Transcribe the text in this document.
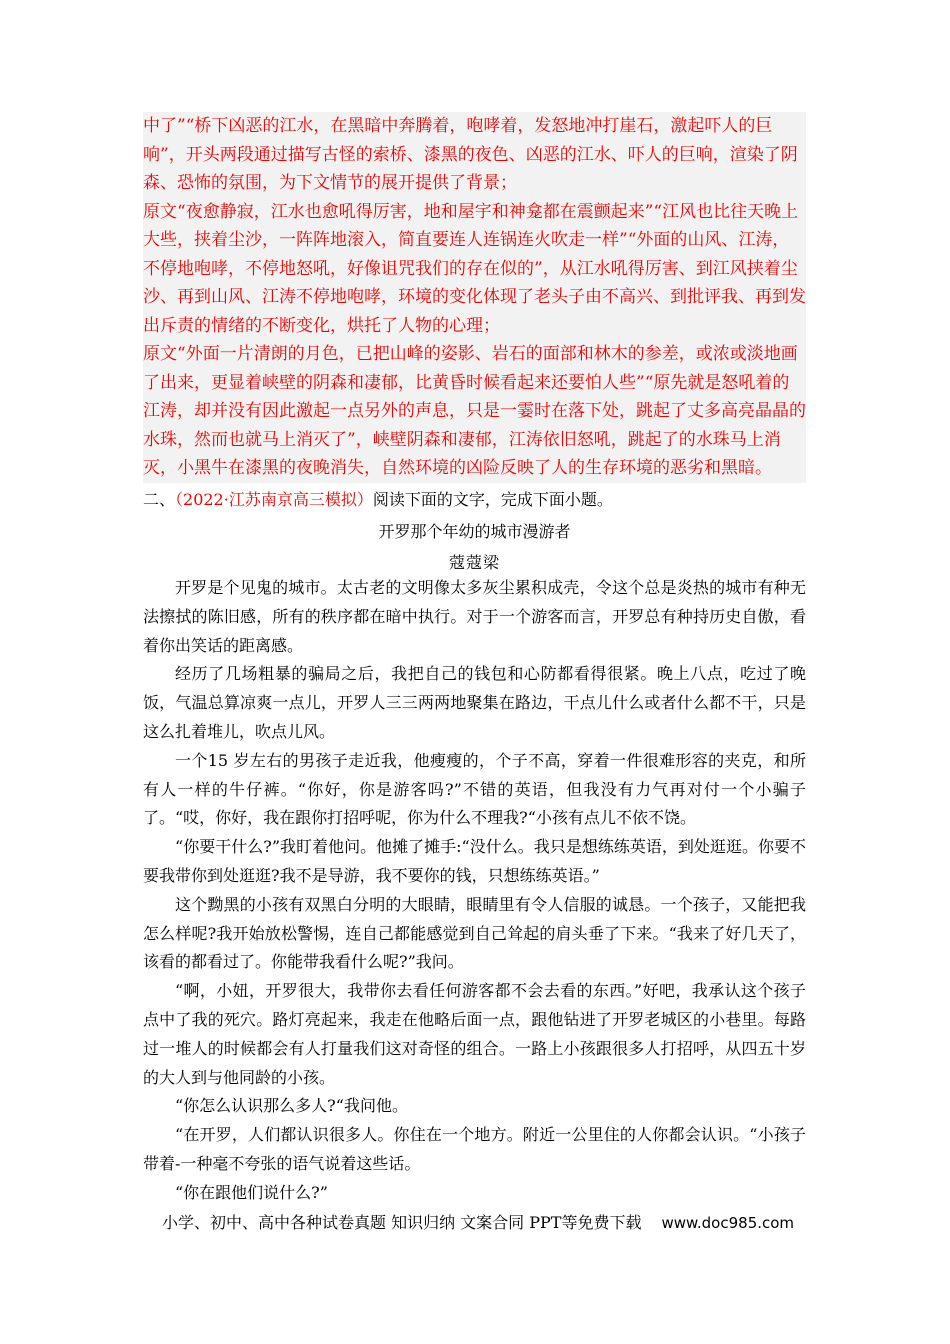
中了”“桥下凶恶的江水，在黑暗中奔腾着，咆哮着，发怒地冲打崖石，激起吓人的巨响”，开头两段通过描写古怪的索桥、漆黑的夜色、凶恶的江水、吓人的巨响，渲染了阴森、恐怖的氛围，为下文情节的展开提供了背景；

原文“夜愈静寂，江水也愈吼得厉害，地和屋宇和神龛都在震颤起来”“江风也比往天晚上大些，挟着尘沙，一阵阵地滚入，简直要连人连锅连火吹走一样”“外面的山风、江涛，不停地咆哮，不停地怒吼，好像诅咒我们的存在似的”，从江水吼得厉害、到江风挟着尘沙、再到山风、江涛不停地咆哮，环境的变化体现了老头子由不高兴、到批评我、再到发出斥责的情绪的不断变化，烘托了人物的心理；

原文“外面一片清朗的月色，已把山峰的姿影、岩石的面部和林木的参差，或浓或淡地画了出来，更显着峡壁的阴森和凄郁，比黄昏时候看起来还要怕人些”“原先就是怒吼着的江涛，却并没有因此激起一点另外的声息，只是一霎时在落下处，跳起了丈多高亮晶晶的水珠，然而也就马上消灭了”，峡壁阴森和凄郁，江涛依旧怒吼，跳起了的水珠马上消灭，小黑牛在漆黑的夜晚消失，自然环境的凶险反映了人的生存环境的恶劣和黑暗。

二、（2022·江苏南京高三模拟）阅读下面的文字，完成下面小题。
开罗那个年幼的城市漫游者
蔻蔻梁

开罗是个见鬼的城市。太古老的文明像太多灰尘累积成壳，令这个总是炎热的城市有种无法擦拭的陈旧感，所有的秩序都在暗中执行。对于一个游客而言，开罗总有种持历史自傲，看着你出笑话的距离感。

经历了几场粗暴的骗局之后，我把自己的钱包和心防都看得很紧。晚上八点，吃过了晚饭，气温总算凉爽一点儿，开罗人三三两两地聚集在路边，干点儿什么或者什么都不干，只是这么扎着堆儿，吹点儿风。

一个15 岁左右的男孩子走近我，他瘦瘦的，个子不高，穿着一件很难形容的夹克，和所有人一样的牛仔裤。“你好，你是游客吗?”不错的英语，但我没有力气再对付一个小骗子了。“哎，你好，我在跟你打招呼呢，你为什么不理我?“小孩有点儿不依不饶。

“你要干什么?”我盯着他问。他摊了摊手:“没什么。我只是想练练英语，到处逛逛。你要不要我带你到处逛逛?我不是导游，我不要你的钱，只想练练英语。”

这个黝黑的小孩有双黑白分明的大眼睛，眼睛里有令人信服的诚恳。一个孩子，又能把我怎么样呢?我开始放松警惕，连自己都能感觉到自己耸起的肩头垂了下来。“我来了好几天了，该看的都看过了。你能带我看什么呢?”我问。

“啊，小妞，开罗很大，我带你去看任何游客都不会去看的东西。”好吧，我承认这个孩子点中了我的死穴。路灯亮起来，我走在他略后面一点，跟他钻进了开罗老城区的小巷里。每路过一堆人的时候都会有人打量我们这对奇怪的组合。一路上小孩跟很多人打招呼，从四五十岁的大人到与他同龄的小孩。

“你怎么认识那么多人?“我问他。

“在开罗，人们都认识很多人。你住在一个地方。附近一公里住的人你都会认识。“小孩子带着-一种毫不夸张的语气说着这些话。

“你在跟他们说什么?”

小学、初中、高中各种试卷真题 知识归纳 文案合同 PPT等免费下载 www.doc985.com
